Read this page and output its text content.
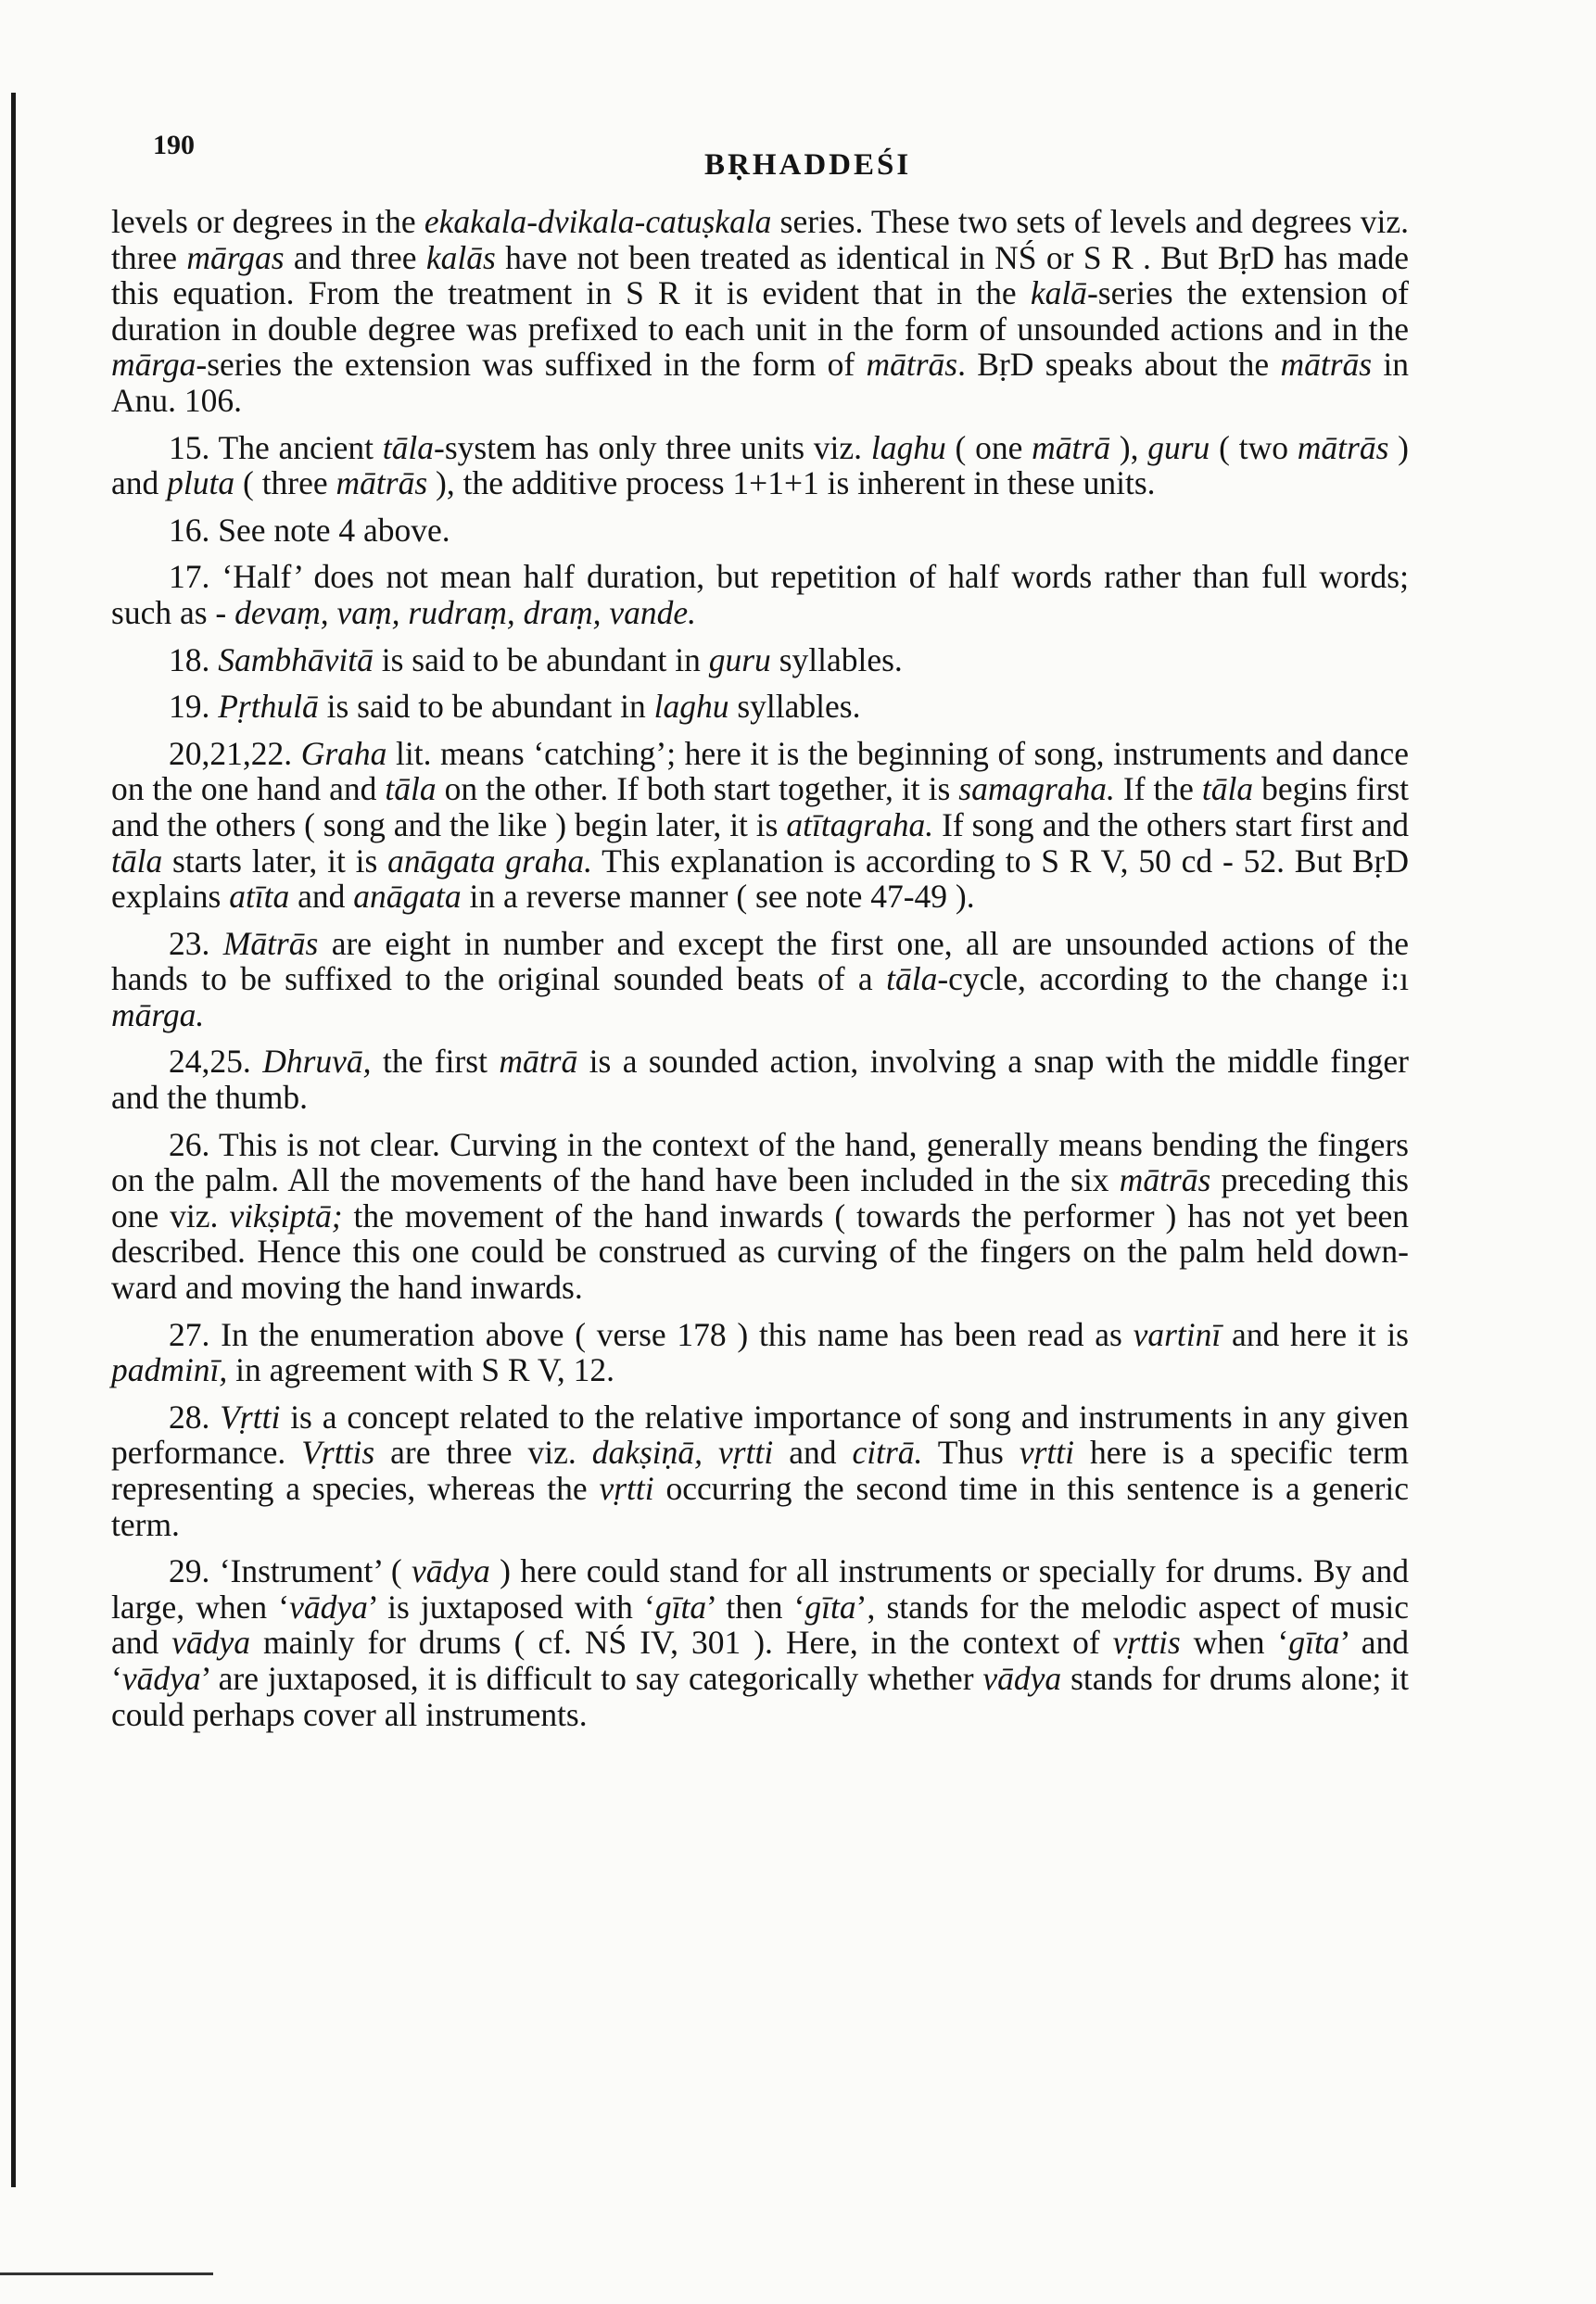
190
BṚHADDEŚI

levels or degrees in the ekakala-dvikala-catuṣkala series. These two sets of levels and degrees viz. three mārgas and three kalās have not been treated as identical in NŚ or S R . But BṛD has made this equation. From the treatment in S R it is evident that in the kalā-series the extension of duration in double degree was prefixed to each unit in the form of unsounded actions and in the mārga-series the extension was suffixed in the form of mātrās. BṛD speaks about the mātrās in Anu. 106.

15. The ancient tāla-system has only three units viz. laghu ( one mātrā ), guru ( two mātrās ) and pluta ( three mātrās ), the additive process 1+1+1 is inherent in these units.

16. See note 4 above.

17. ‘Half’ does not mean half duration, but repetition of half words rather than full words; such as - devaṃ, vaṃ, rudraṃ, draṃ, vande.

18. Sambhāvitā is said to be abundant in guru syllables.

19. Pṛthulā is said to be abundant in laghu syllables.

20,21,22. Graha lit. means ‘catching’; here it is the beginning of song, instruments and dance on the one hand and tāla on the other. If both start together, it is samagraha. If the tāla begins first and the others ( song and the like ) begin later, it is atītagraha. If song and the others start first and tāla starts later, it is anāgata graha. This explanation is according to S R V, 50 cd - 52. But BṛD explains atīta and anāgata in a reverse manner ( see note 47-49 ).

23. Mātrās are eight in number and except the first one, all are unsounded actions of the hands to be suffixed to the original sounded beats of a tāla-cycle, according to the change i:ı mārga.

24,25. Dhruvā, the first mātrā is a sounded action, involving a snap with the middle finger and the thumb.

26. This is not clear. Curving in the context of the hand, generally means bending the fingers on the palm. All the movements of the hand have been included in the six mātrās preceding this one viz. vikṣiptā; the movement of the hand inwards ( towards the performer ) has not yet been described. Hence this one could be construed as curving of the fingers on the palm held down-ward and moving the hand inwards.

27. In the enumeration above ( verse 178 ) this name has been read as vartinī and here it is padminī, in agreement with S R V, 12.

28. Vṛtti is a concept related to the relative importance of song and instruments in any given performance. Vṛttis are three viz. dakṣiṇā, vṛtti and citrā. Thus vṛtti here is a specific term representing a species, whereas the vṛtti occurring the second time in this sentence is a generic term.

29. ‘Instrument’ ( vādya ) here could stand for all instruments or specially for drums. By and large, when ‘vādya’ is juxtaposed with ‘gīta’ then ‘gīta’, stands for the melodic aspect of music and vādya mainly for drums ( cf. NŚ IV, 301 ). Here, in the context of vṛttis when ‘gīta’ and ‘vādya’ are juxtaposed, it is difficult to say categorically whether vādya stands for drums alone; it could perhaps cover all instruments.
